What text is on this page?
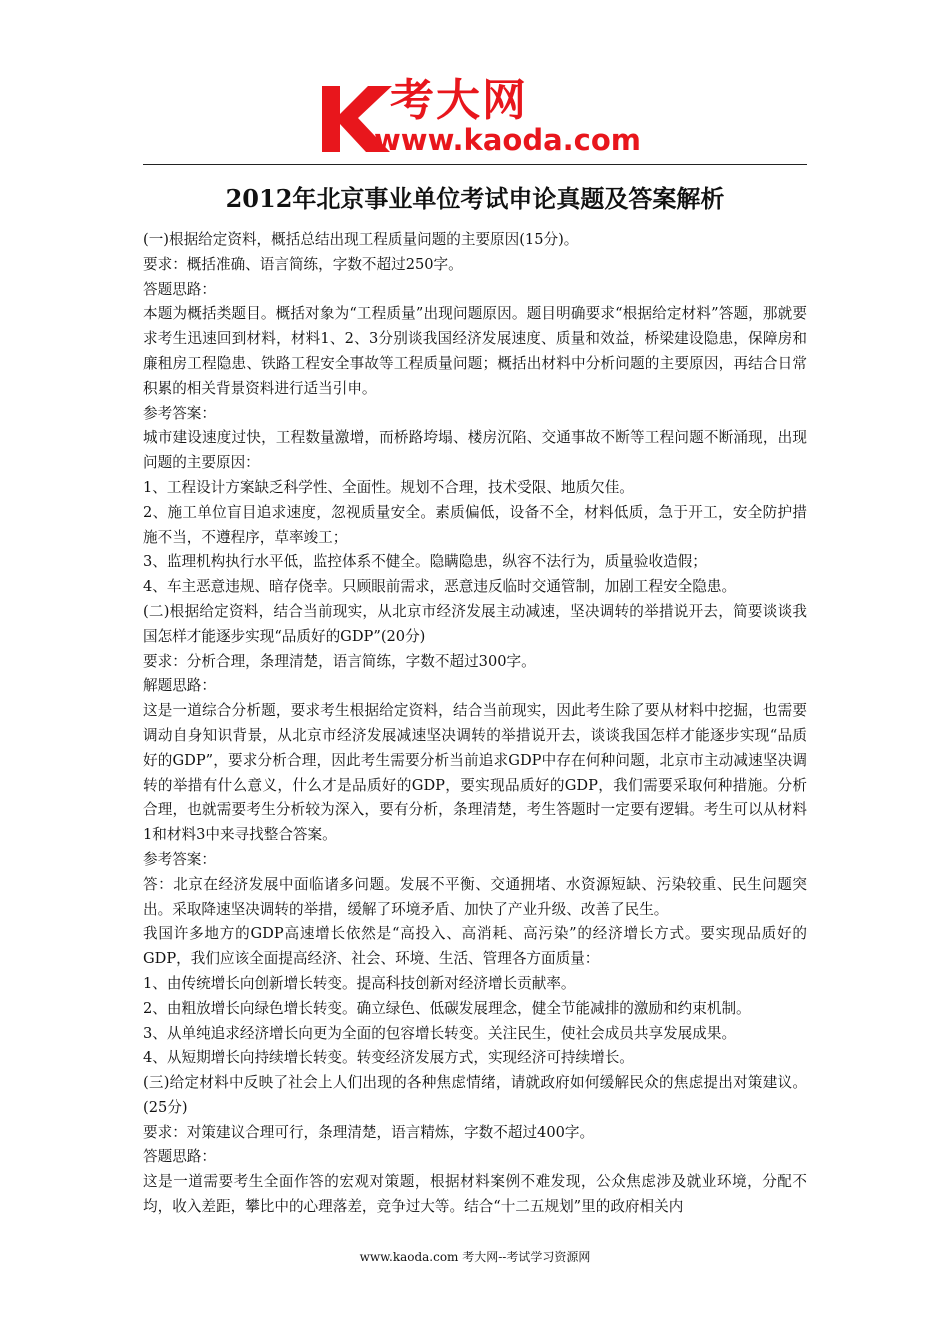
考大网
www.kaoda.com
2012年北京事业单位考试申论真题及答案解析

(一)根据给定资料，概括总结出现工程质量问题的主要原因(15分)。

要求：概括准确、语言简练，字数不超过250字。

答题思路：

本题为概括类题目。概括对象为“工程质量”出现问题原因。题目明确要求“根据给定材料”答题，那就要求考生迅速回到材料，材料1、2、3分别谈我国经济发展速度、质量和效益，桥梁建设隐患，保障房和廉租房工程隐患、铁路工程安全事故等工程质量问题；概括出材料中分析问题的主要原因，再结合日常积累的相关背景资料进行适当引申。

参考答案：

城市建设速度过快，工程数量激增，而桥路垮塌、楼房沉陷、交通事故不断等工程问题不断涌现，出现问题的主要原因：

1、工程设计方案缺乏科学性、全面性。规划不合理，技术受限、地质欠佳。

2、施工单位盲目追求速度，忽视质量安全。素质偏低，设备不全，材料低质，急于开工，安全防护措施不当，不遵程序，草率竣工；

3、监理机构执行水平低，监控体系不健全。隐瞒隐患，纵容不法行为，质量验收造假；

4、车主恶意违规、暗存侥幸。只顾眼前需求，恶意违反临时交通管制，加剧工程安全隐患。

(二)根据给定资料，结合当前现实，从北京市经济发展主动减速，坚决调转的举措说开去，简要谈谈我国怎样才能逐步实现“品质好的GDP”(20分)

要求：分析合理，条理清楚，语言简练，字数不超过300字。

解题思路：

这是一道综合分析题，要求考生根据给定资料，结合当前现实，因此考生除了要从材料中挖掘，也需要调动自身知识背景，从北京市经济发展减速坚决调转的举措说开去，谈谈我国怎样才能逐步实现“品质好的GDP”，要求分析合理，因此考生需要分析当前追求GDP中存在何种问题，北京市主动减速坚决调转的举措有什么意义，什么才是品质好的GDP，要实现品质好的GDP，我们需要采取何种措施。分析合理，也就需要考生分析较为深入，要有分析，条理清楚，考生答题时一定要有逻辑。考生可以从材料1和材料3中来寻找整合答案。

参考答案：

答：北京在经济发展中面临诸多问题。发展不平衡、交通拥堵、水资源短缺、污染较重、民生问题突出。采取降速坚决调转的举措，缓解了环境矛盾、加快了产业升级、改善了民生。

我国许多地方的GDP高速增长依然是“高投入、高消耗、高污染”的经济增长方式。要实现品质好的GDP，我们应该全面提高经济、社会、环境、生活、管理各方面质量：

1、由传统增长向创新增长转变。提高科技创新对经济增长贡献率。

2、由粗放增长向绿色增长转变。确立绿色、低碳发展理念，健全节能减排的激励和约束机制。

3、从单纯追求经济增长向更为全面的包容增长转变。关注民生，使社会成员共享发展成果。

4、从短期增长向持续增长转变。转变经济发展方式，实现经济可持续增长。

(三)给定材料中反映了社会上人们出现的各种焦虑情绪，请就政府如何缓解民众的焦虑提出对策建议。(25分)

要求：对策建议合理可行，条理清楚，语言精炼，字数不超过400字。

答题思路：

这是一道需要考生全面作答的宏观对策题，根据材料案例不难发现，公众焦虑涉及就业环境，分配不均，收入差距，攀比中的心理落差，竞争过大等。结合“十二五规划”里的政府相关内

www.kaoda.com 考大网--考试学习资源网
